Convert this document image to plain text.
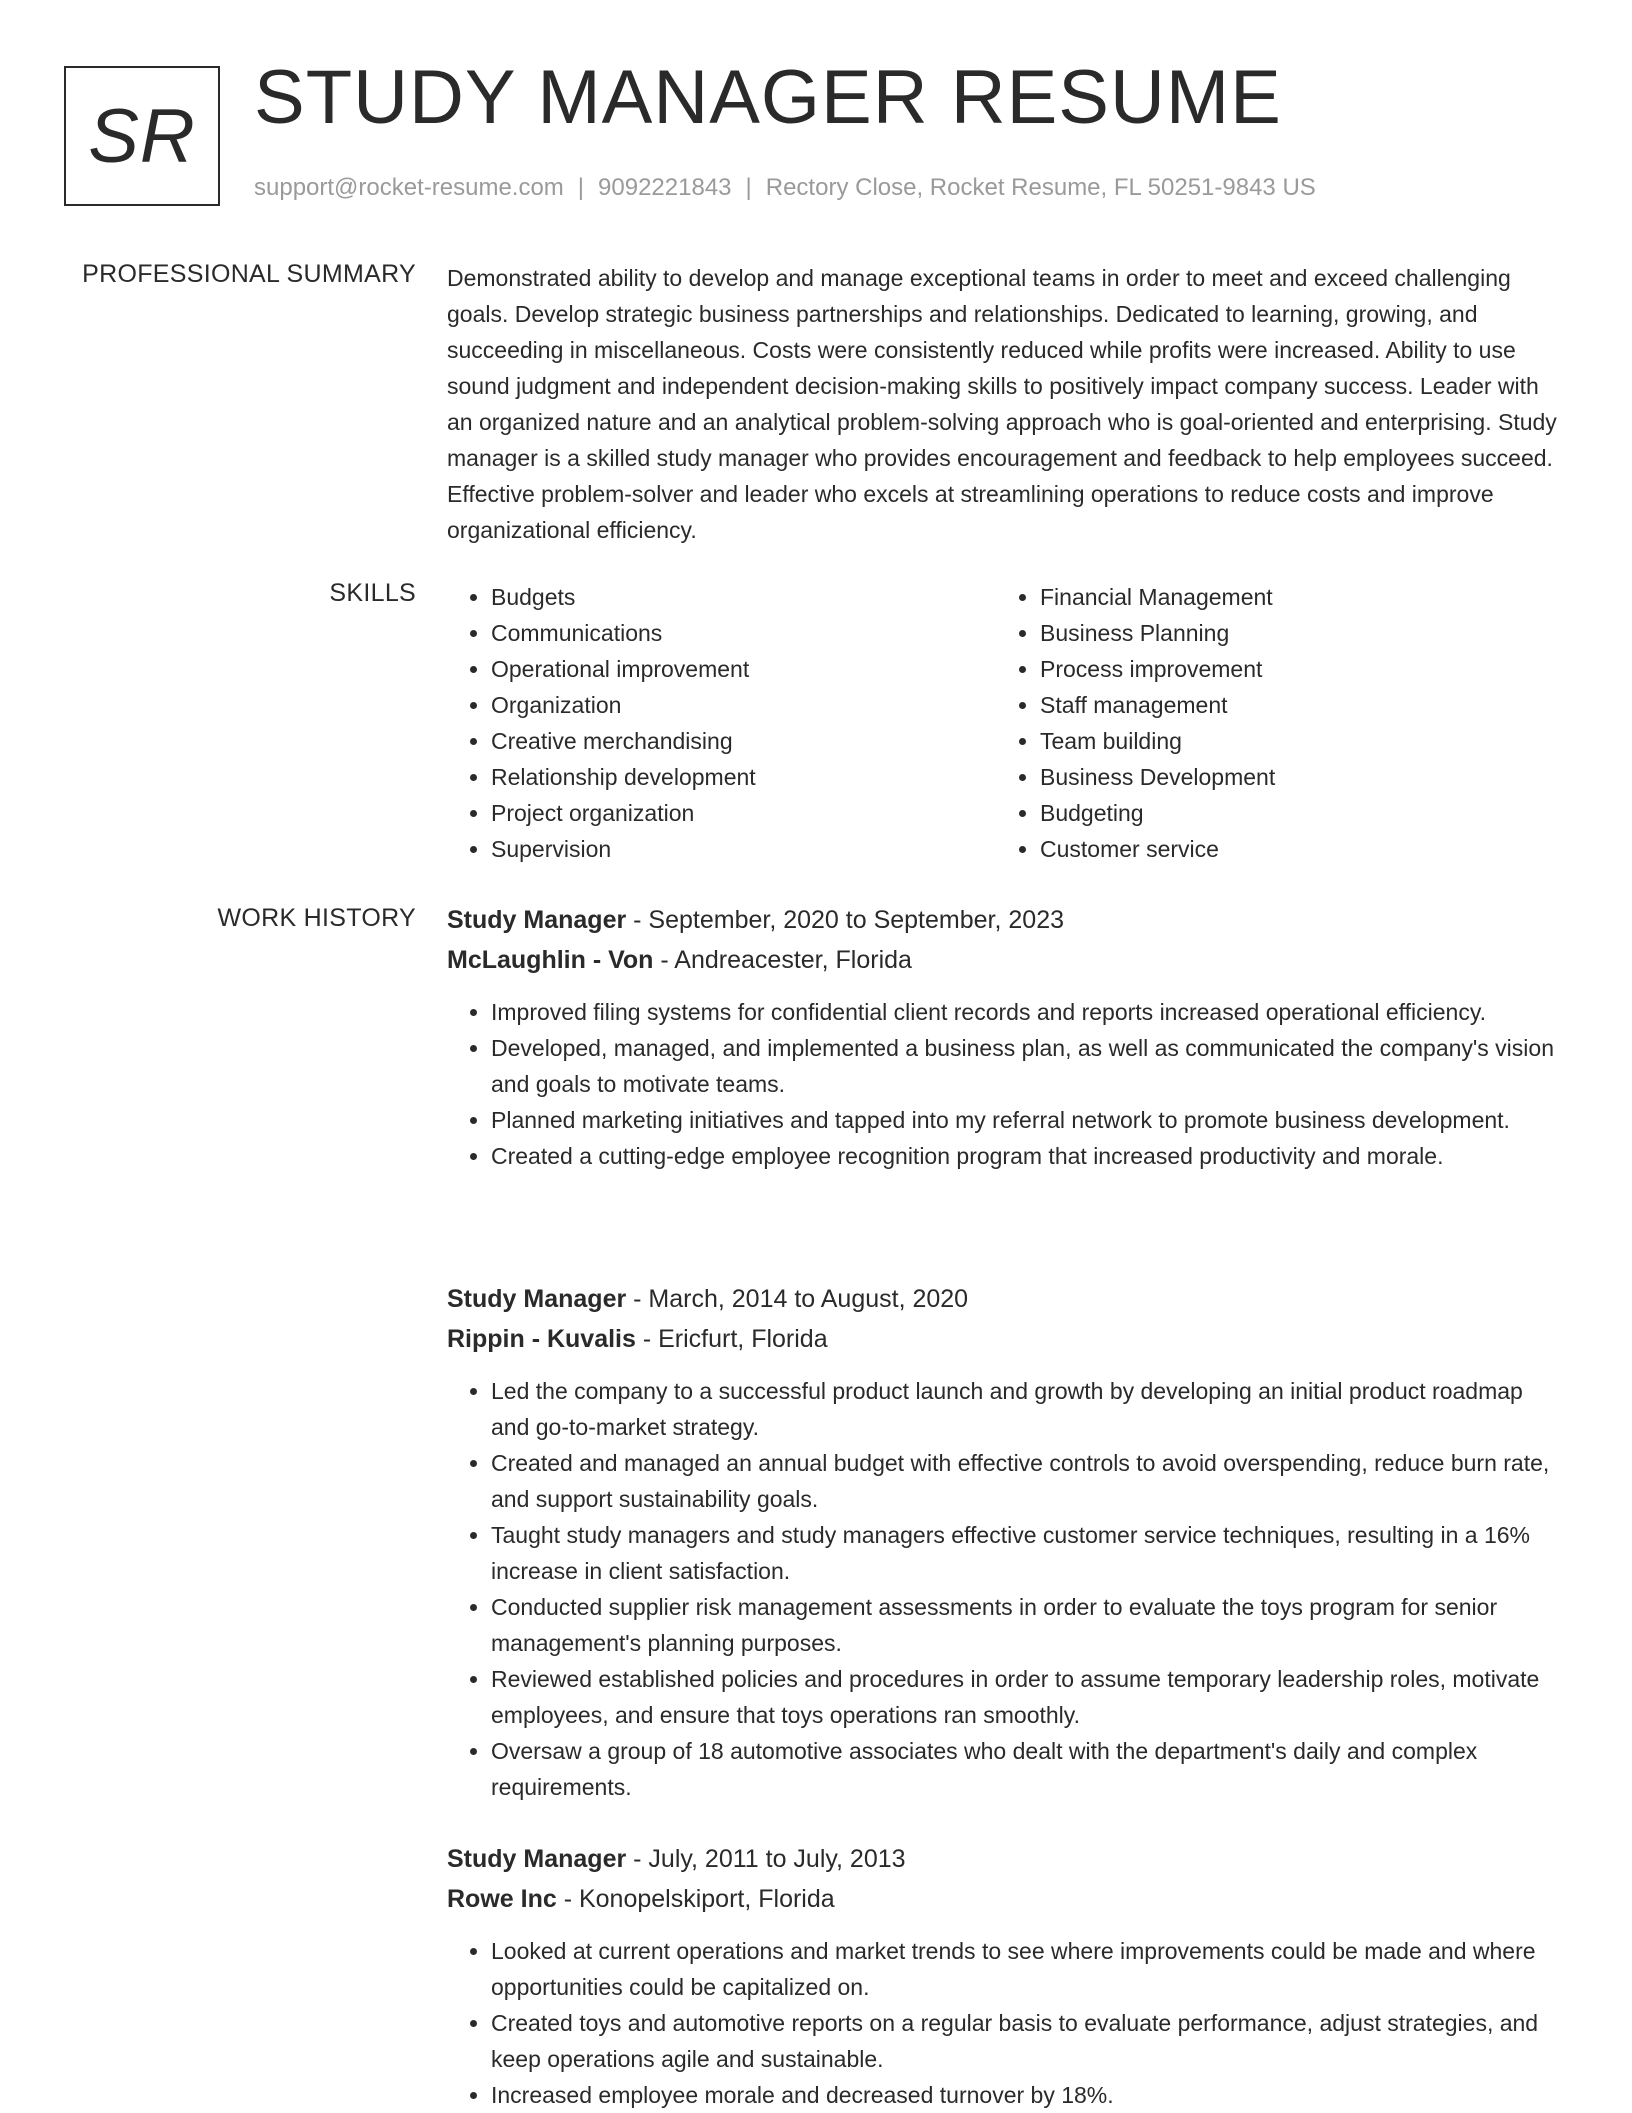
SR STUDY MANAGER RESUME
support@rocket-resume.com | 9092221843 | Rectory Close, Rocket Resume, FL 50251-9843 US
PROFESSIONAL SUMMARY Demonstrated ability to develop and manage exceptional teams in order to meet and exceed challenging goals. Develop strategic business partnerships and relationships. Dedicated to learning, growing, and succeeding in miscellaneous. Costs were consistently reduced while profits were increased. Ability to use sound judgment and independent decision-making skills to positively impact company success. Leader with an organized nature and an analytical problem-solving approach who is goal-oriented and enterprising. Study manager is a skilled study manager who provides encouragement and feedback to help employees succeed. Effective problem-solver and leader who excels at streamlining operations to reduce costs and improve organizational efficiency.
SKILLS
•	Budgets
• Communications
• Operational improvement
• Organization
• Creative merchandising
• Relationship development
• Project organization
• Supervision
• Financial Management
• Business Planning
• Process improvement
• Staff management
• Team building
• Business Development
• Budgeting
• Customer service
WORK HISTORY Study Manager - September, 2020 to September, 2023
McLaughlin - Von - Andreacester, Florida
• Improved filing systems for confidential client records and reports increased operational efficiency.
• Developed, managed, and implemented a business plan, as well as communicated the company's vision and goals to motivate teams.
• Planned marketing initiatives and tapped into my referral network to promote business development.
• Created a cutting-edge employee recognition program that increased productivity and morale.
Study Manager - March, 2014 to August, 2020
Rippin - Kuvalis - Ericfurt, Florida
• Led the company to a successful product launch and growth by developing an initial product roadmap and go-to-market strategy.
• Created and managed an annual budget with effective controls to avoid overspending, reduce burn rate, and support sustainability goals.
• Taught study managers and study managers effective customer service techniques, resulting in a 16% increase in client satisfaction.
• Conducted supplier risk management assessments in order to evaluate the toys program for senior management's planning purposes.
• Reviewed established policies and procedures in order to assume temporary leadership roles, motivate employees, and ensure that toys operations ran smoothly.
• Oversaw a group of 18 automotive associates who dealt with the department's daily and complex requirements.
Study Manager - July, 2011 to July, 2013
Rowe Inc - Konopelskiport, Florida
• Looked at current operations and market trends to see where improvements could be made and where opportunities could be capitalized on.
• Created toys and automotive reports on a regular basis to evaluate performance, adjust strategies, and keep operations agile and sustainable.
• Increased employee morale and decreased turnover by 18%.
